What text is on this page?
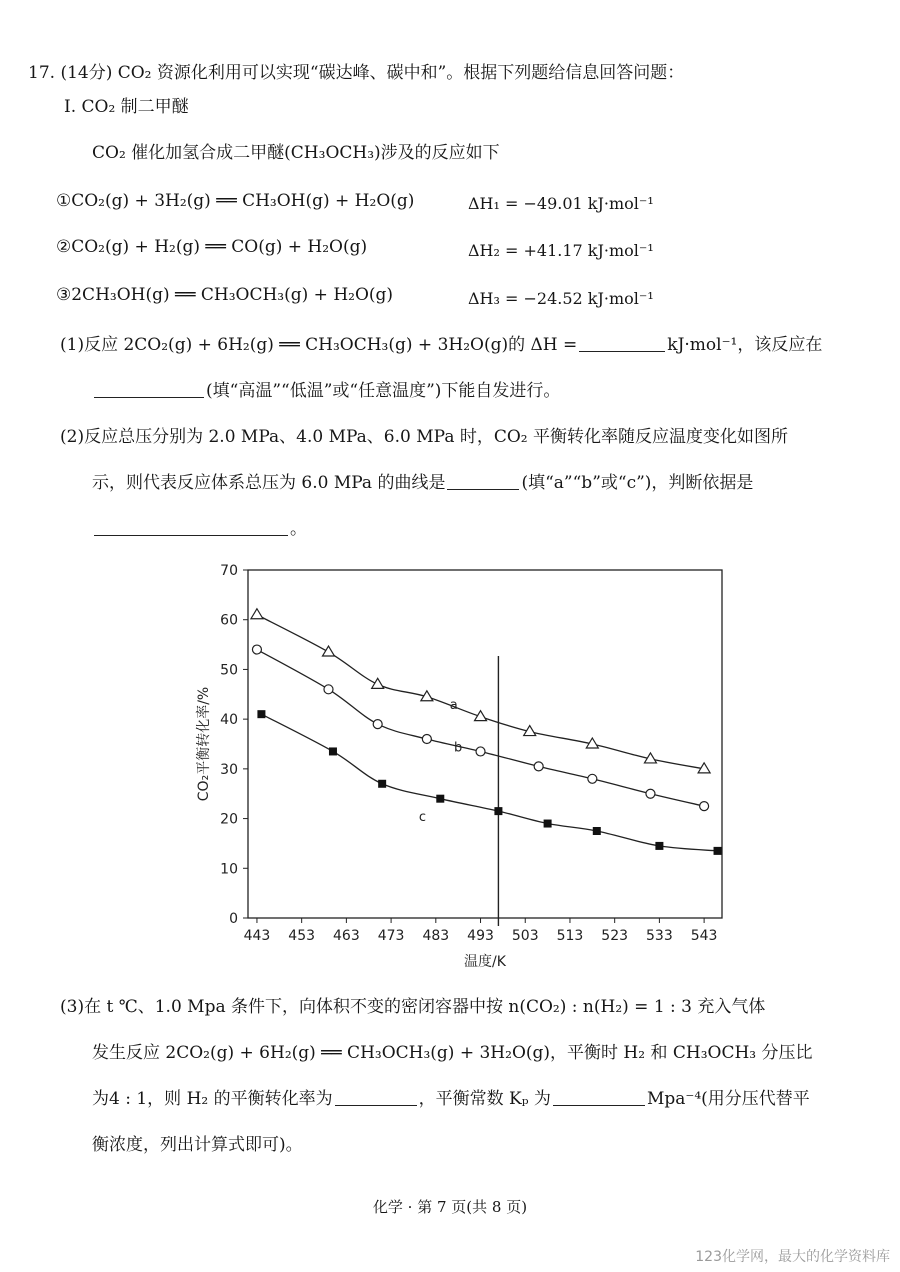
17. (14分) CO₂ 资源化利用可以实现“碳达峰、碳中和”。根据下列题给信息回答问题：
Ⅰ. CO₂ 制二甲醚
CO₂ 催化加氢合成二甲醚(CH₃OCH₃)涉及的反应如下
①CO₂(g) + 3H₂(g) ══ CH₃OH(g) + H₂O(g)	ΔH₁ = −49.01 kJ·mol⁻¹
②CO₂(g) + H₂(g) ══ CO(g) + H₂O(g)	ΔH₂ = +41.17 kJ·mol⁻¹
③2CH₃OH(g) ══ CH₃OCH₃(g) + H₂O(g)	ΔH₃ = −24.52 kJ·mol⁻¹
(1)反应 2CO₂(g) + 6H₂(g) ══ CH₃OCH₃(g) + 3H₂O(g)的 ΔH =	kJ·mol⁻¹，该反应在
(填“高温”“低温”或“任意温度”)下能自发进行。
(2)反应总压分别为 2.0 MPa、4.0 MPa、6.0 MPa 时，CO₂ 平衡转化率随反应温度变化如图所
示，则代表反应体系总压为 6.0 MPa 的曲线是	(填“a”“b”或“c”)，判断依据是
。
0
10
20
30
40
50
60
70
443 453 463 473 483 493 503 513 523 533 543
温度/K
CO₂平衡转化率/%	a
b
c
(3)在 t ℃、1.0 Mpa 条件下，向体积不变的密闭容器中按 n(CO₂) : n(H₂) = 1 : 3 充入气体
发生反应 2CO₂(g) + 6H₂(g) ══ CH₃OCH₃(g) + 3H₂O(g)，平衡时 H₂ 和 CH₃OCH₃ 分压比
为4 : 1，则 H₂ 的平衡转化率为	，平衡常数 Kₚ 为	Mpa⁻⁴(用分压代替平
衡浓度，列出计算式即可)。
化学 · 第 7 页(共 8 页)
123化学网，最大的化学资料库
